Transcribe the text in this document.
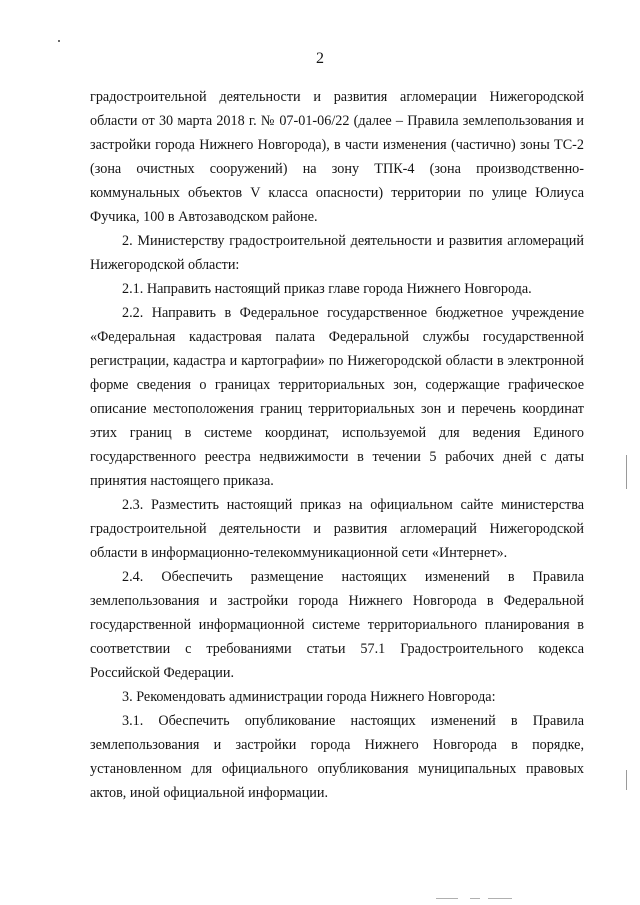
2

градостроительной деятельности и развития агломерации Нижегородской области от 30 марта 2018 г. № 07-01-06/22 (далее – Правила землепользования и застройки города Нижнего Новгорода), в части изменения (частично) зоны ТС-2 (зона очистных сооружений) на зону ТПК-4 (зона производственно-коммунальных объектов V класса опасности) территории по улице Юлиуса Фучика, 100 в Автозаводском районе.

2. Министерству градостроительной деятельности и развития агломераций Нижегородской области:

2.1. Направить настоящий приказ главе города Нижнего Новгорода.

2.2. Направить в Федеральное государственное бюджетное учреждение «Федеральная кадастровая палата Федеральной службы государственной регистрации, кадастра и картографии» по Нижегородской области в электронной форме сведения о границах территориальных зон, содержащие графическое описание местоположения границ территориальных зон и перечень координат этих границ в системе координат, используемой для ведения Единого государственного реестра недвижимости в течении 5 рабочих дней с даты принятия настоящего приказа.

2.3. Разместить настоящий приказ на официальном сайте министерства градостроительной деятельности и развития агломераций Нижегородской области в информационно-телекоммуникационной сети «Интернет».

2.4. Обеспечить размещение настоящих изменений в Правила землепользования и застройки города Нижнего Новгорода в Федеральной государственной информационной системе территориального планирования в соответствии с требованиями статьи 57.1 Градостроительного кодекса Российской Федерации.

3. Рекомендовать администрации города Нижнего Новгорода:

3.1. Обеспечить опубликование настоящих изменений в Правила землепользования и застройки города Нижнего Новгорода в порядке, установленном для официального опубликования муниципальных правовых актов, иной официальной информации.
